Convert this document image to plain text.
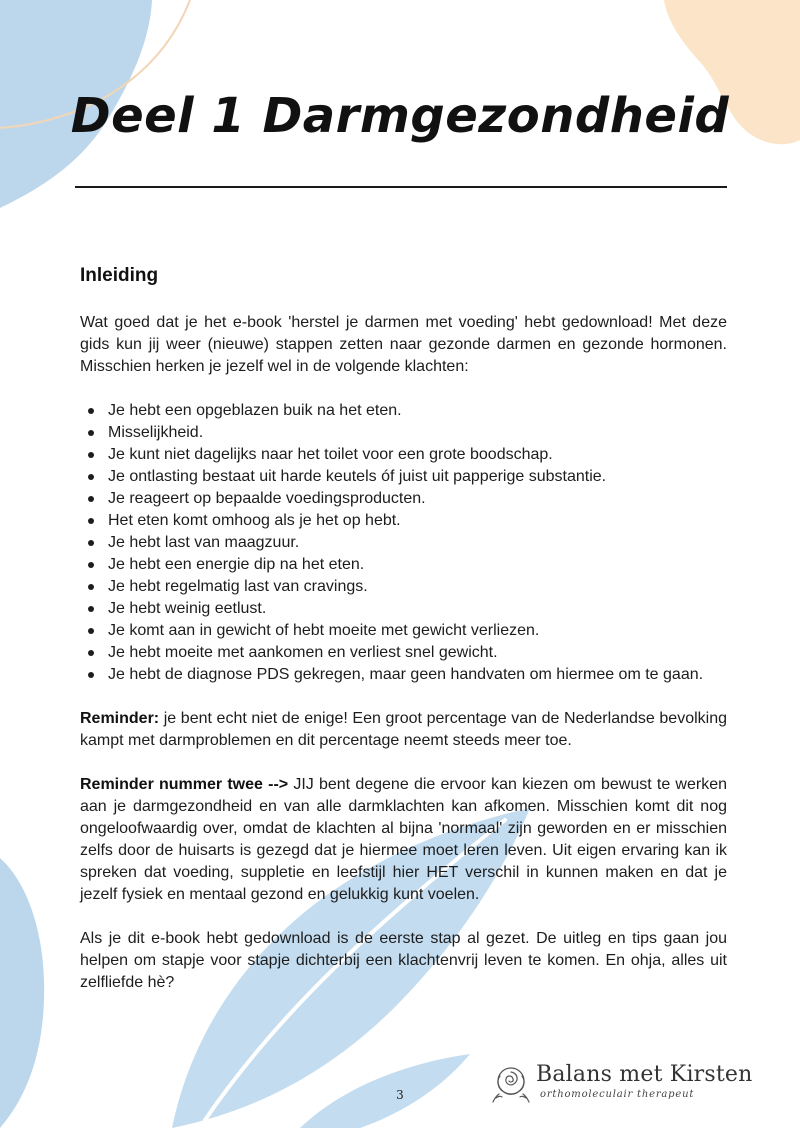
Deel 1 Darmgezondheid
Inleiding

Wat goed dat je het e-book 'herstel je darmen met voeding' hebt gedownload! Met deze gids kun jij weer (nieuwe) stappen zetten naar gezonde darmen en gezonde hormonen. Misschien herken je jezelf wel in de volgende klachten:

Je hebt een opgeblazen buik na het eten.
Misselijkheid.
Je kunt niet dagelijks naar het toilet voor een grote boodschap.
Je ontlasting bestaat uit harde keutels óf juist uit papperige substantie.
Je reageert op bepaalde voedingsproducten.
Het eten komt omhoog als je het op hebt.
Je hebt last van maagzuur.
Je hebt een energie dip na het eten.
Je hebt regelmatig last van cravings.
Je hebt weinig eetlust.
Je komt aan in gewicht of hebt moeite met gewicht verliezen.
Je hebt moeite met aankomen en verliest snel gewicht.
Je hebt de diagnose PDS gekregen, maar geen handvaten om hiermee om te gaan.

Reminder: je bent echt niet de enige! Een groot percentage van de Nederlandse bevolking kampt met darmproblemen en dit percentage neemt steeds meer toe.

Reminder nummer twee --> JIJ bent degene die ervoor kan kiezen om bewust te werken aan je darmgezondheid en van alle darmklachten kan afkomen. Misschien komt dit nog ongeloofwaardig over, omdat de klachten al bijna 'normaal' zijn geworden en er misschien zelfs door de huisarts is gezegd dat je hiermee moet leren leven. Uit eigen ervaring kan ik spreken dat voeding, suppletie en leefstijl hier HET verschil in kunnen maken en dat je jezelf fysiek en mentaal gezond en gelukkig kunt voelen.

Als je dit e-book hebt gedownload is de eerste stap al gezet. De uitleg en tips gaan jou helpen om stapje voor stapje dichterbij een klachtenvrij leven te komen. En ohja, alles uit zelfliefde hè?

3
Balans met Kirsten
orthomoleculair therapeut
